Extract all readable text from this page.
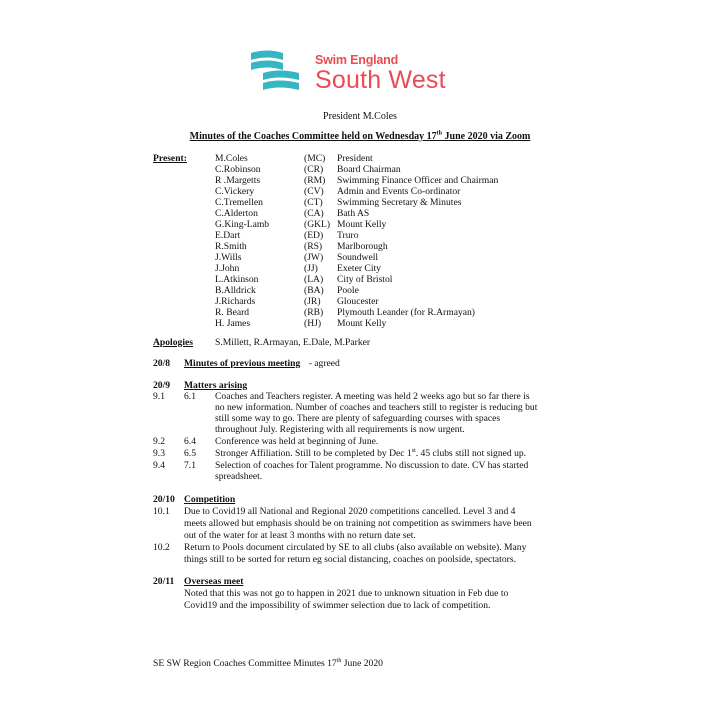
Swim England
South West
President M.Coles
Minutes of the Coaches Committee held on Wednesday 17th June 2020 via Zoom
Present:	M.Coles	(MC)	President
C.Robinson	(CR)	Board Chairman
R .Margetts	(RM)	Swimming Finance Officer and Chairman
C.Vickery	(CV)	Admin and Events Co-ordinator
C.Tremellen	(CT)	Swimming Secretary & Minutes
C.Alderton	(CA)	Bath AS
G.King-Lamb	(GKL)	Mount Kelly
E.Dart	(ED)	Truro
R.Smith	(RS)	Marlborough
J.Wills	(JW)	Soundwell
J.John	(JJ)	Exeter City
L.Atkinson	(LA)	City of Bristol
B.Alldrick	(BA)	Poole
J.Richards	(JR)	Gloucester
R. Beard	(RB)	Plymouth Leander (for R.Armayan)
H. James	(HJ)	Mount Kelly
Apologies S.Millett, R.Armayan, E.Dale, M.Parker
20/8 Minutes of previous meeting - agreed
20/9 Matters arising
9.1 6.1 Coaches and Teachers register. A meeting was held 2 weeks ago but so far there is
no new information. Number of coaches and teachers still to register is reducing but
still some way to go. There are plenty of safeguarding courses with spaces
throughout July. Registering with all requirements is now urgent.
9.2 6.4 Conference was held at beginning of June.
9.3 6.5 Stronger Affiliation. Still to be completed by Dec 1st. 45 clubs still not signed up.
9.4 7.1 Selection of coaches for Talent programme. No discussion to date. CV has started
spreadsheet.
20/10 Competition
10.1 Due to Covid19 all National and Regional 2020 competitions cancelled. Level 3 and 4
meets allowed but emphasis should be on training not competition as swimmers have been
out of the water for at least 3 months with no return date set.
10.2 Return to Pools document circulated by SE to all clubs (also available on website). Many
things still to be sorted for return eg social distancing, coaches on poolside, spectators.
20/11 Overseas meet
Noted that this was not go to happen in 2021 due to unknown situation in Feb due to
Covid19 and the impossibility of swimmer selection due to lack of competition.
SE SW Region Coaches Committee Minutes 17th June 2020
